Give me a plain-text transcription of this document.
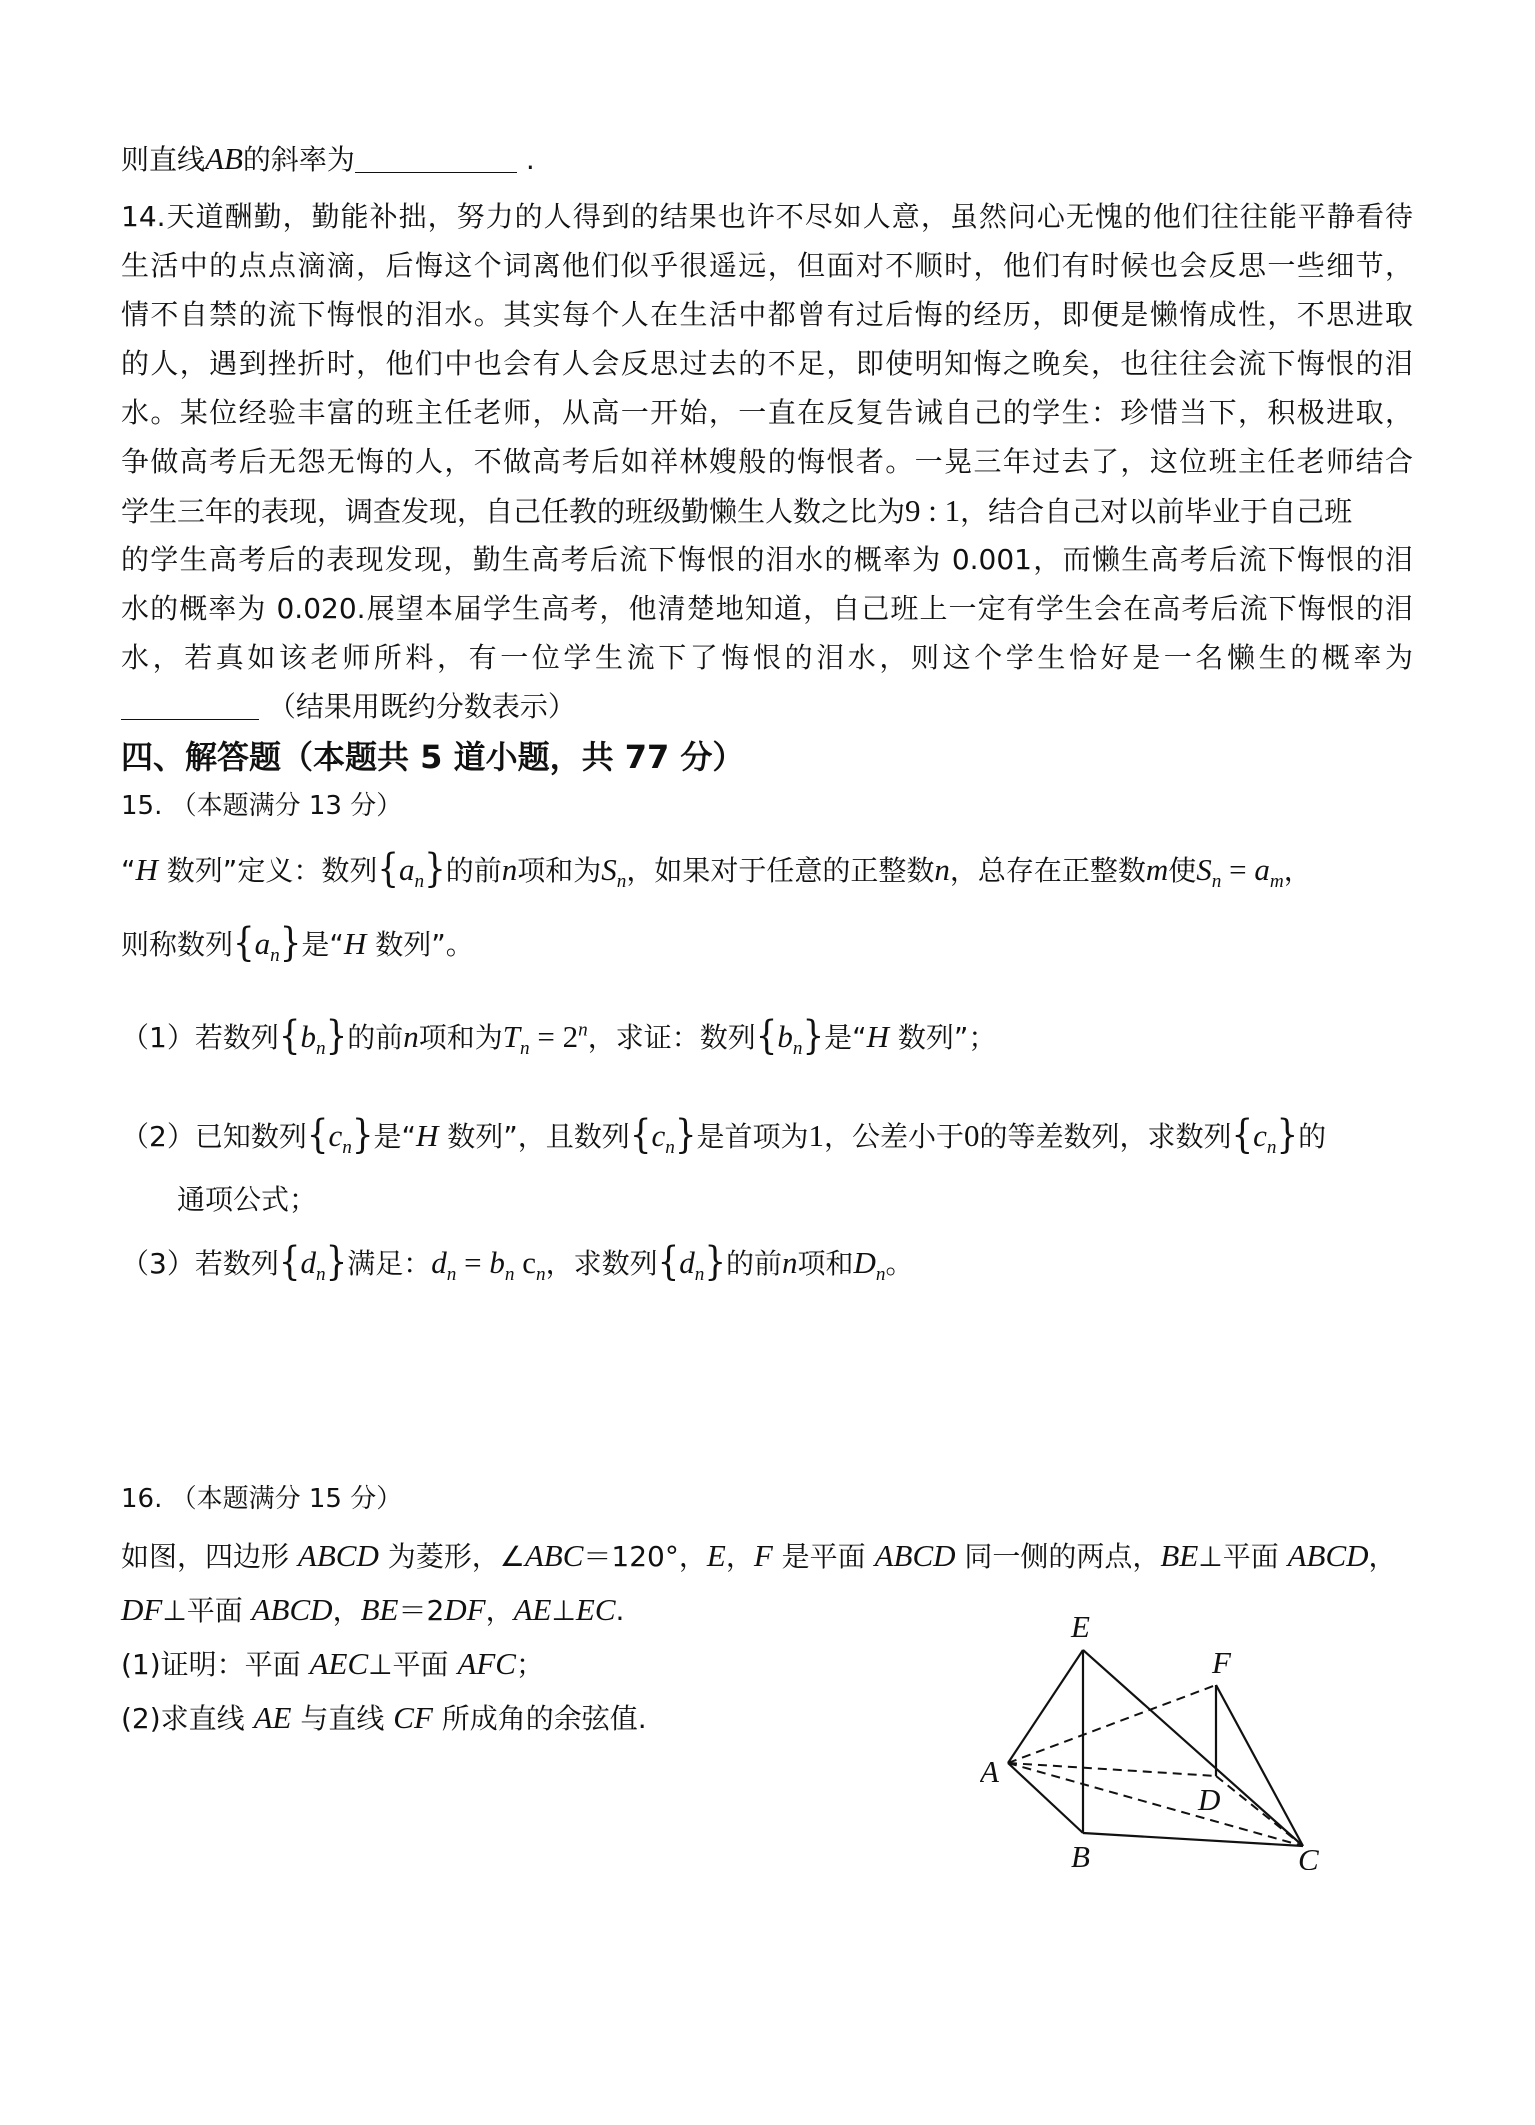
则直线AB的斜率为	.
14.天道酬勤，勤能补拙，努力的人得到的结果也许不尽如人意，虽然问心无愧的他们往往能平静看待
生活中的点点滴滴，后悔这个词离他们似乎很遥远，但面对不顺时，他们有时候也会反思一些细节，
情不自禁的流下悔恨的泪水。其实每个人在生活中都曾有过后悔的经历，即便是懒惰成性，不思进取
的人，遇到挫折时，他们中也会有人会反思过去的不足，即使明知悔之晚矣，也往往会流下悔恨的泪
水。某位经验丰富的班主任老师，从高一开始，一直在反复告诫自己的学生：珍惜当下，积极进取，
争做高考后无怨无悔的人，不做高考后如祥林嫂般的悔恨者。一晃三年过去了，这位班主任老师结合
学生三年的表现，调查发现，自己任教的班级勤懒生人数之比为9 : 1，结合自己对以前毕业于自己班
的学生高考后的表现发现，勤生高考后流下悔恨的泪水的概率为 0.001，而懒生高考后流下悔恨的泪
水的概率为 0.020.展望本届学生高考，他清楚地知道，自己班上一定有学生会在高考后流下悔恨的泪
水，若真如该老师所料，有一位学生流下了悔恨的泪水，则这个学生恰好是一名懒生的概率为
（结果用既约分数表示）
四、解答题（本题共 5 道小题，共 77 分）
15. （本题满分 13 分）
“H 数列”定义：数列$\{a_n\}$的前n项和为$S_n$，如果对于任意的正整数n，总存在正整数m使$S_n = a_m$，
则称数列$\{a_n\}$是“H 数列”。
（1）若数列$\{b_n\}$的前n项和为$T_n = 2^n$，求证：数列$\{b_n\}$是“H 数列”；
（2）已知数列$\{c_n\}$是“H 数列”，且数列$\{c_n\}$是首项为1，公差小于0的等差数列，求数列$\{c_n\}$的
通项公式；
（3）若数列$\{d_n\}$满足：$d_n = b_n$ $c_n$，求数列$\{d_n\}$的前n项和$D_n$。
16. （本题满分 15 分）
如图，四边形 ABCD 为菱形，∠ABC＝120°，E，F 是平面 ABCD 同一侧的两点，BE⊥平面 ABCD，
DF⊥平面 ABCD，BE＝2DF，AE⊥EC.
(1)证明：平面 AEC⊥平面 AFC；
(2)求直线 AE 与直线 CF 所成角的余弦值.
E
F
A
D
B	C
